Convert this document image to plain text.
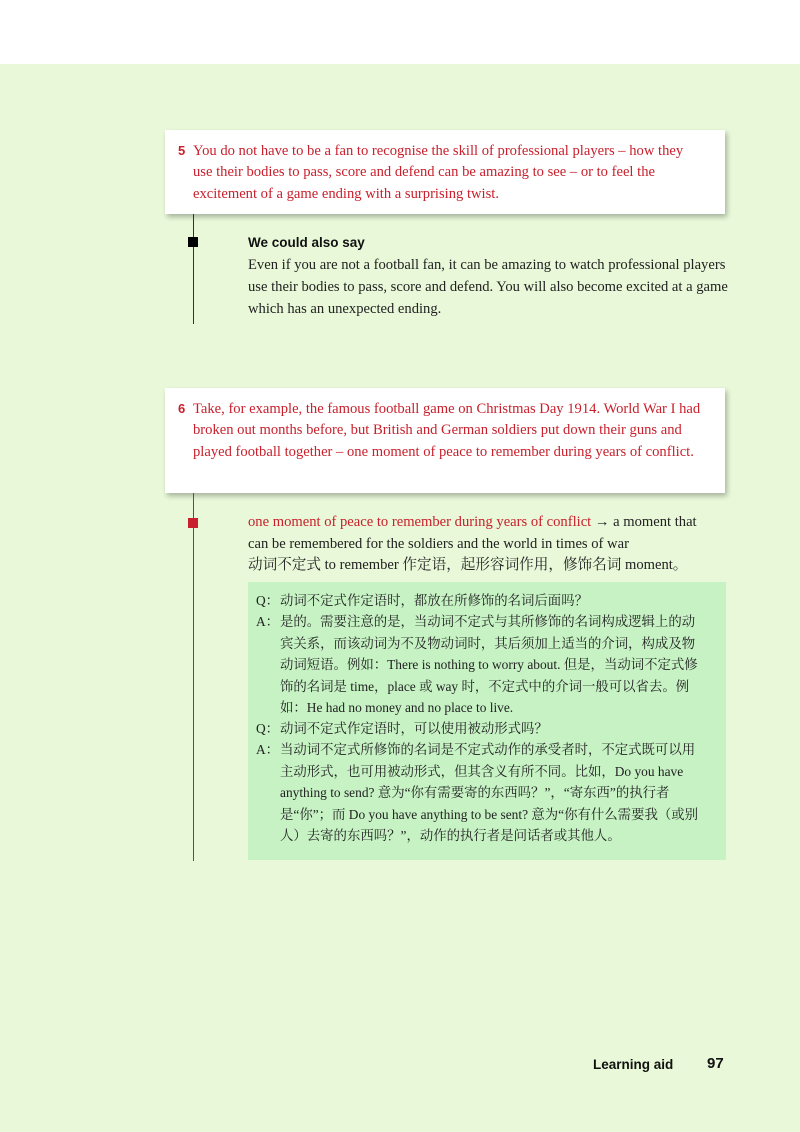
5 You do not have to be a fan to recognise the skill of professional players – how they use their bodies to pass, score and defend can be amazing to see – or to feel the excitement of a game ending with a surprising twist.
We could also say
Even if you are not a football fan, it can be amazing to watch professional players use their bodies to pass, score and defend. You will also become excited at a game which has an unexpected ending.
6 Take, for example, the famous football game on Christmas Day 1914. World War I had broken out months before, but British and German soldiers put down their guns and played football together – one moment of peace to remember during years of conflict.
one moment of peace to remember during years of conflict → a moment that can be remembered for the soldiers and the world in times of war
动词不定式 to remember 作定语，起形容词作用，修饰名词 moment。
Q： 动词不定式作定语时，都放在所修饰的名词后面吗？
A： 是的。需要注意的是，当动词不定式与其所修饰的名词构成逻辑上的动宾关系，而该动词为不及物动词时，其后须加上适当的介词，构成及物动词短语。例如：There is nothing to worry about. 但是，当动词不定式修饰的名词是 time，place 或 way 时，不定式中的介词一般可以省去。例如：He had no money and no place to live.
Q： 动词不定式作定语时，可以使用被动形式吗？
A： 当动词不定式所修饰的名词是不定式动作的承受者时，不定式既可以用主动形式，也可用被动形式，但其含义有所不同。比如，Do you have anything to send? 意为“你有需要寄的东西吗？”，“寄东西”的执行者是“你”；而 Do you have anything to be sent? 意为“你有什么需要我（或别人）去寄的东西吗？”，动作的执行者是问话者或其他人。
Learning aid 97
